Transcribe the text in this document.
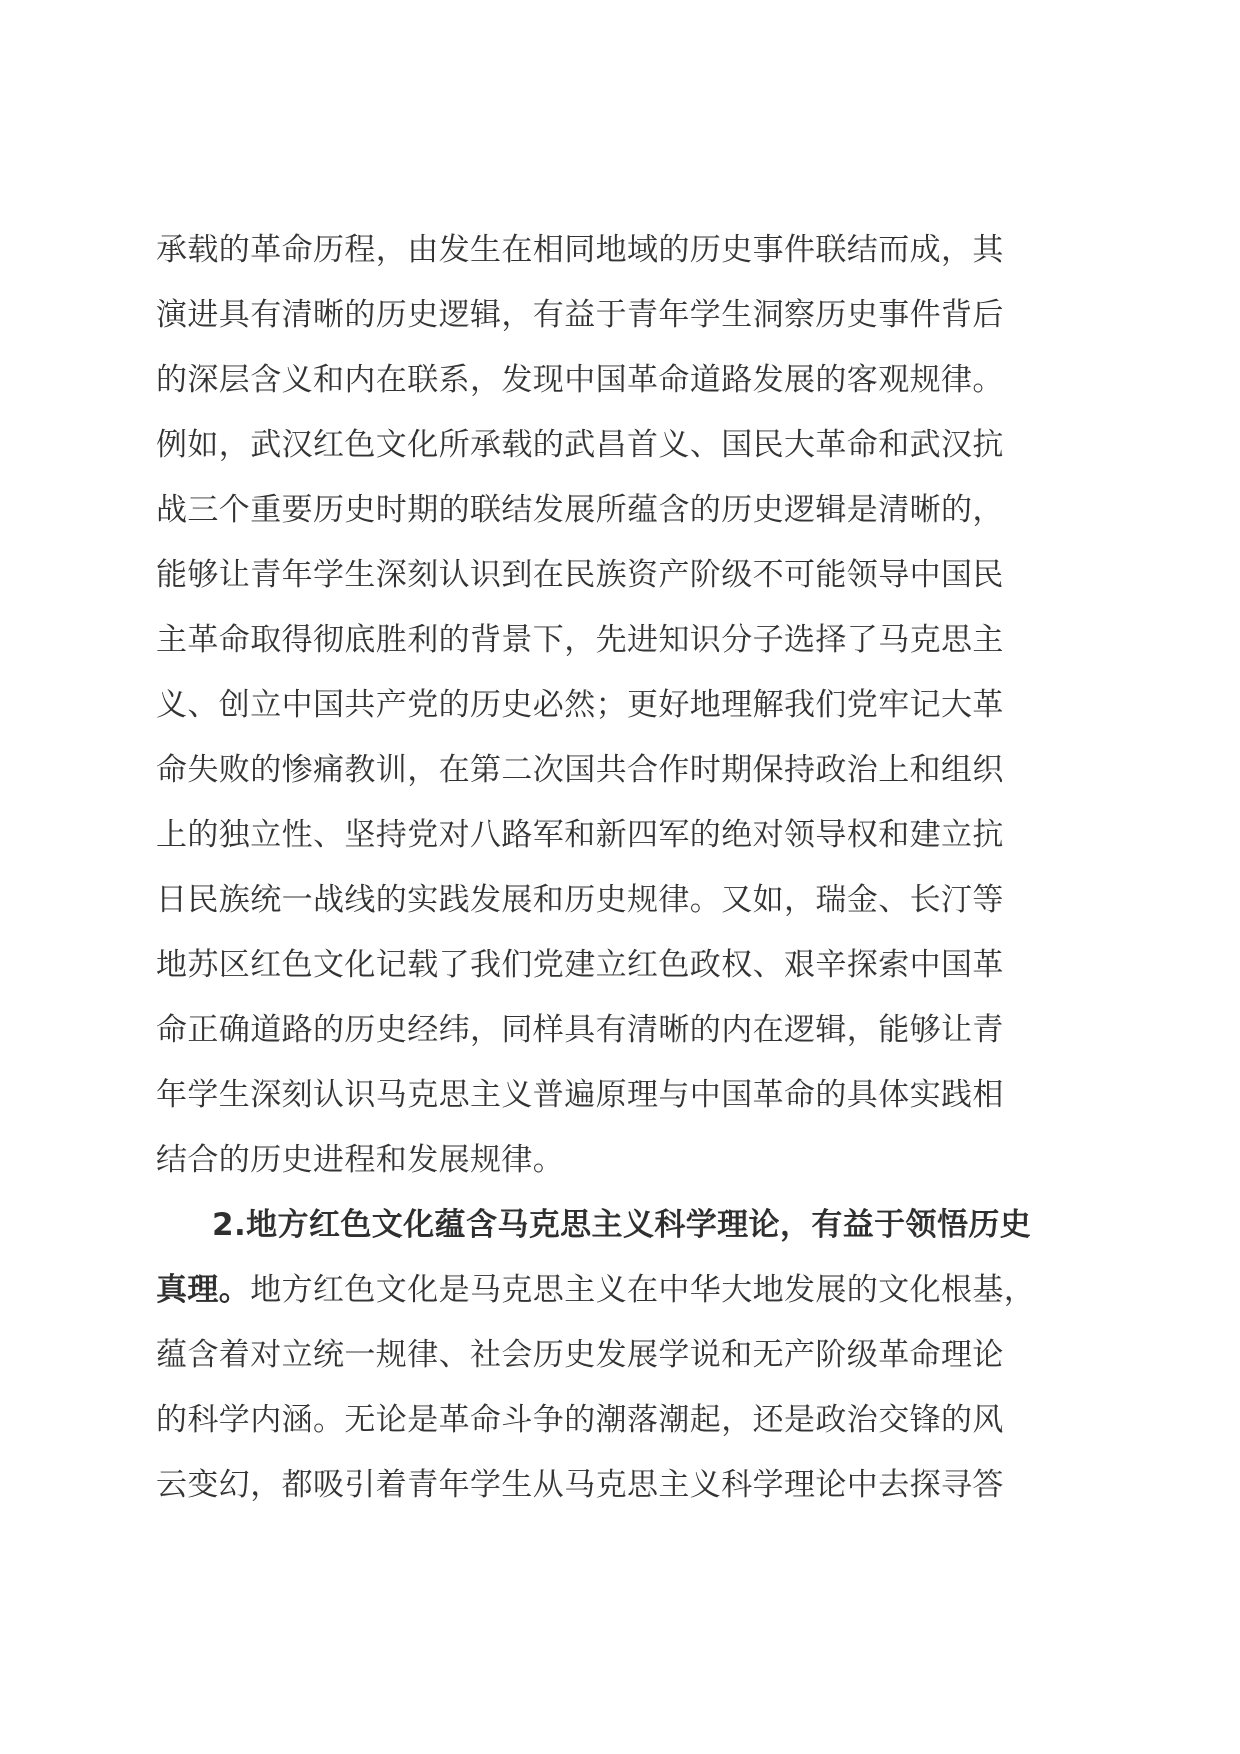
承载的革命历程，由发生在相同地域的历史事件联结而成，其
演进具有清晰的历史逻辑，有益于青年学生洞察历史事件背后
的深层含义和内在联系，发现中国革命道路发展的客观规律。
例如，武汉红色文化所承载的武昌首义、国民大革命和武汉抗
战三个重要历史时期的联结发展所蕴含的历史逻辑是清晰的，
能够让青年学生深刻认识到在民族资产阶级不可能领导中国民
主革命取得彻底胜利的背景下，先进知识分子选择了马克思主
义、创立中国共产党的历史必然；更好地理解我们党牢记大革
命失败的惨痛教训，在第二次国共合作时期保持政治上和组织
上的独立性、坚持党对八路军和新四军的绝对领导权和建立抗
日民族统一战线的实践发展和历史规律。又如，瑞金、长汀等
地苏区红色文化记载了我们党建立红色政权、艰辛探索中国革
命正确道路的历史经纬，同样具有清晰的内在逻辑，能够让青
年学生深刻认识马克思主义普遍原理与中国革命的具体实践相
结合的历史进程和发展规律。
2.地方红色文化蕴含马克思主义科学理论，有益于领悟历史
真理。地方红色文化是马克思主义在中华大地发展的文化根基，
蕴含着对立统一规律、社会历史发展学说和无产阶级革命理论
的科学内涵。无论是革命斗争的潮落潮起，还是政治交锋的风
云变幻，都吸引着青年学生从马克思主义科学理论中去探寻答
